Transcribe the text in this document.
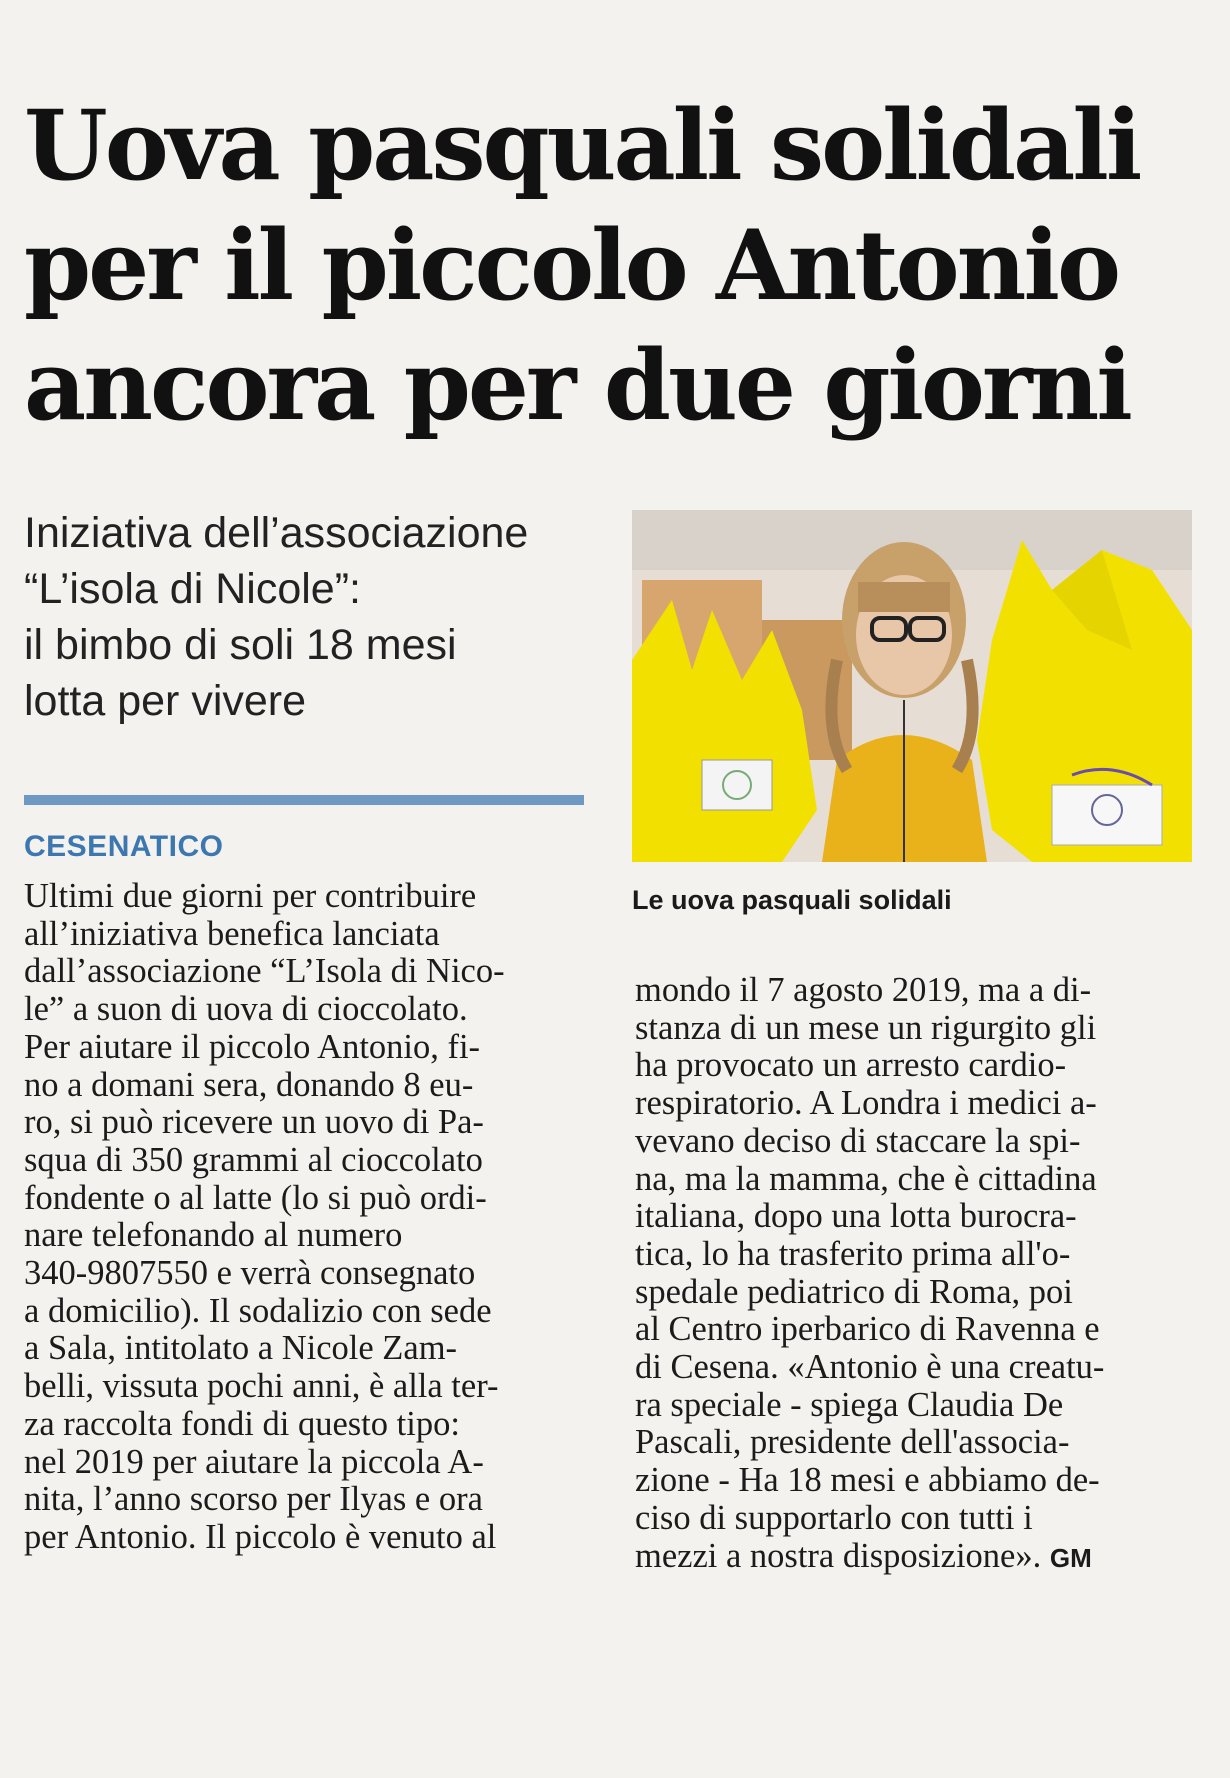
Uova pasquali solidali
per il piccolo Antonio
ancora per due giorni
Iniziativa dell’associazione
“L’isola di Nicole”:
il bimbo di soli 18 mesi
lotta per vivere
CESENATICO
Le uova pasquali solidali
Ultimi due giorni per contribuire
all’iniziativa benefica lanciata
dall’associazione “L’Isola di Nico-
le” a suon di uova di cioccolato.
Per aiutare il piccolo Antonio, fi-
no a domani sera, donando 8 eu-
ro, si può ricevere un uovo di Pa-
squa di 350 grammi al cioccolato
fondente o al latte (lo si può ordi-
nare telefonando al numero
340-9807550 e verrà consegnato
a domicilio). Il sodalizio con sede
a Sala, intitolato a Nicole Zam-
belli, vissuta pochi anni, è alla ter-
za raccolta fondi di questo tipo:
nel 2019 per aiutare la piccola A-
nita, l’anno scorso per Ilyas e ora
per Antonio. Il piccolo è venuto al
mondo il 7 agosto 2019, ma a di-
stanza di un mese un rigurgito gli
ha provocato un arresto cardio-
respiratorio. A Londra i medici a-
vevano deciso di staccare la spi-
na, ma la mamma, che è cittadina
italiana, dopo una lotta burocra-
tica, lo ha trasferito prima all'o-
spedale pediatrico di Roma, poi
al Centro iperbarico di Ravenna e
di Cesena. «Antonio è una creatu-
ra speciale - spiega Claudia De
Pascali, presidente dell'associa-
zione - Ha 18 mesi e abbiamo de-
ciso di supportarlo con tutti i
mezzi a nostra disposizione». GM
